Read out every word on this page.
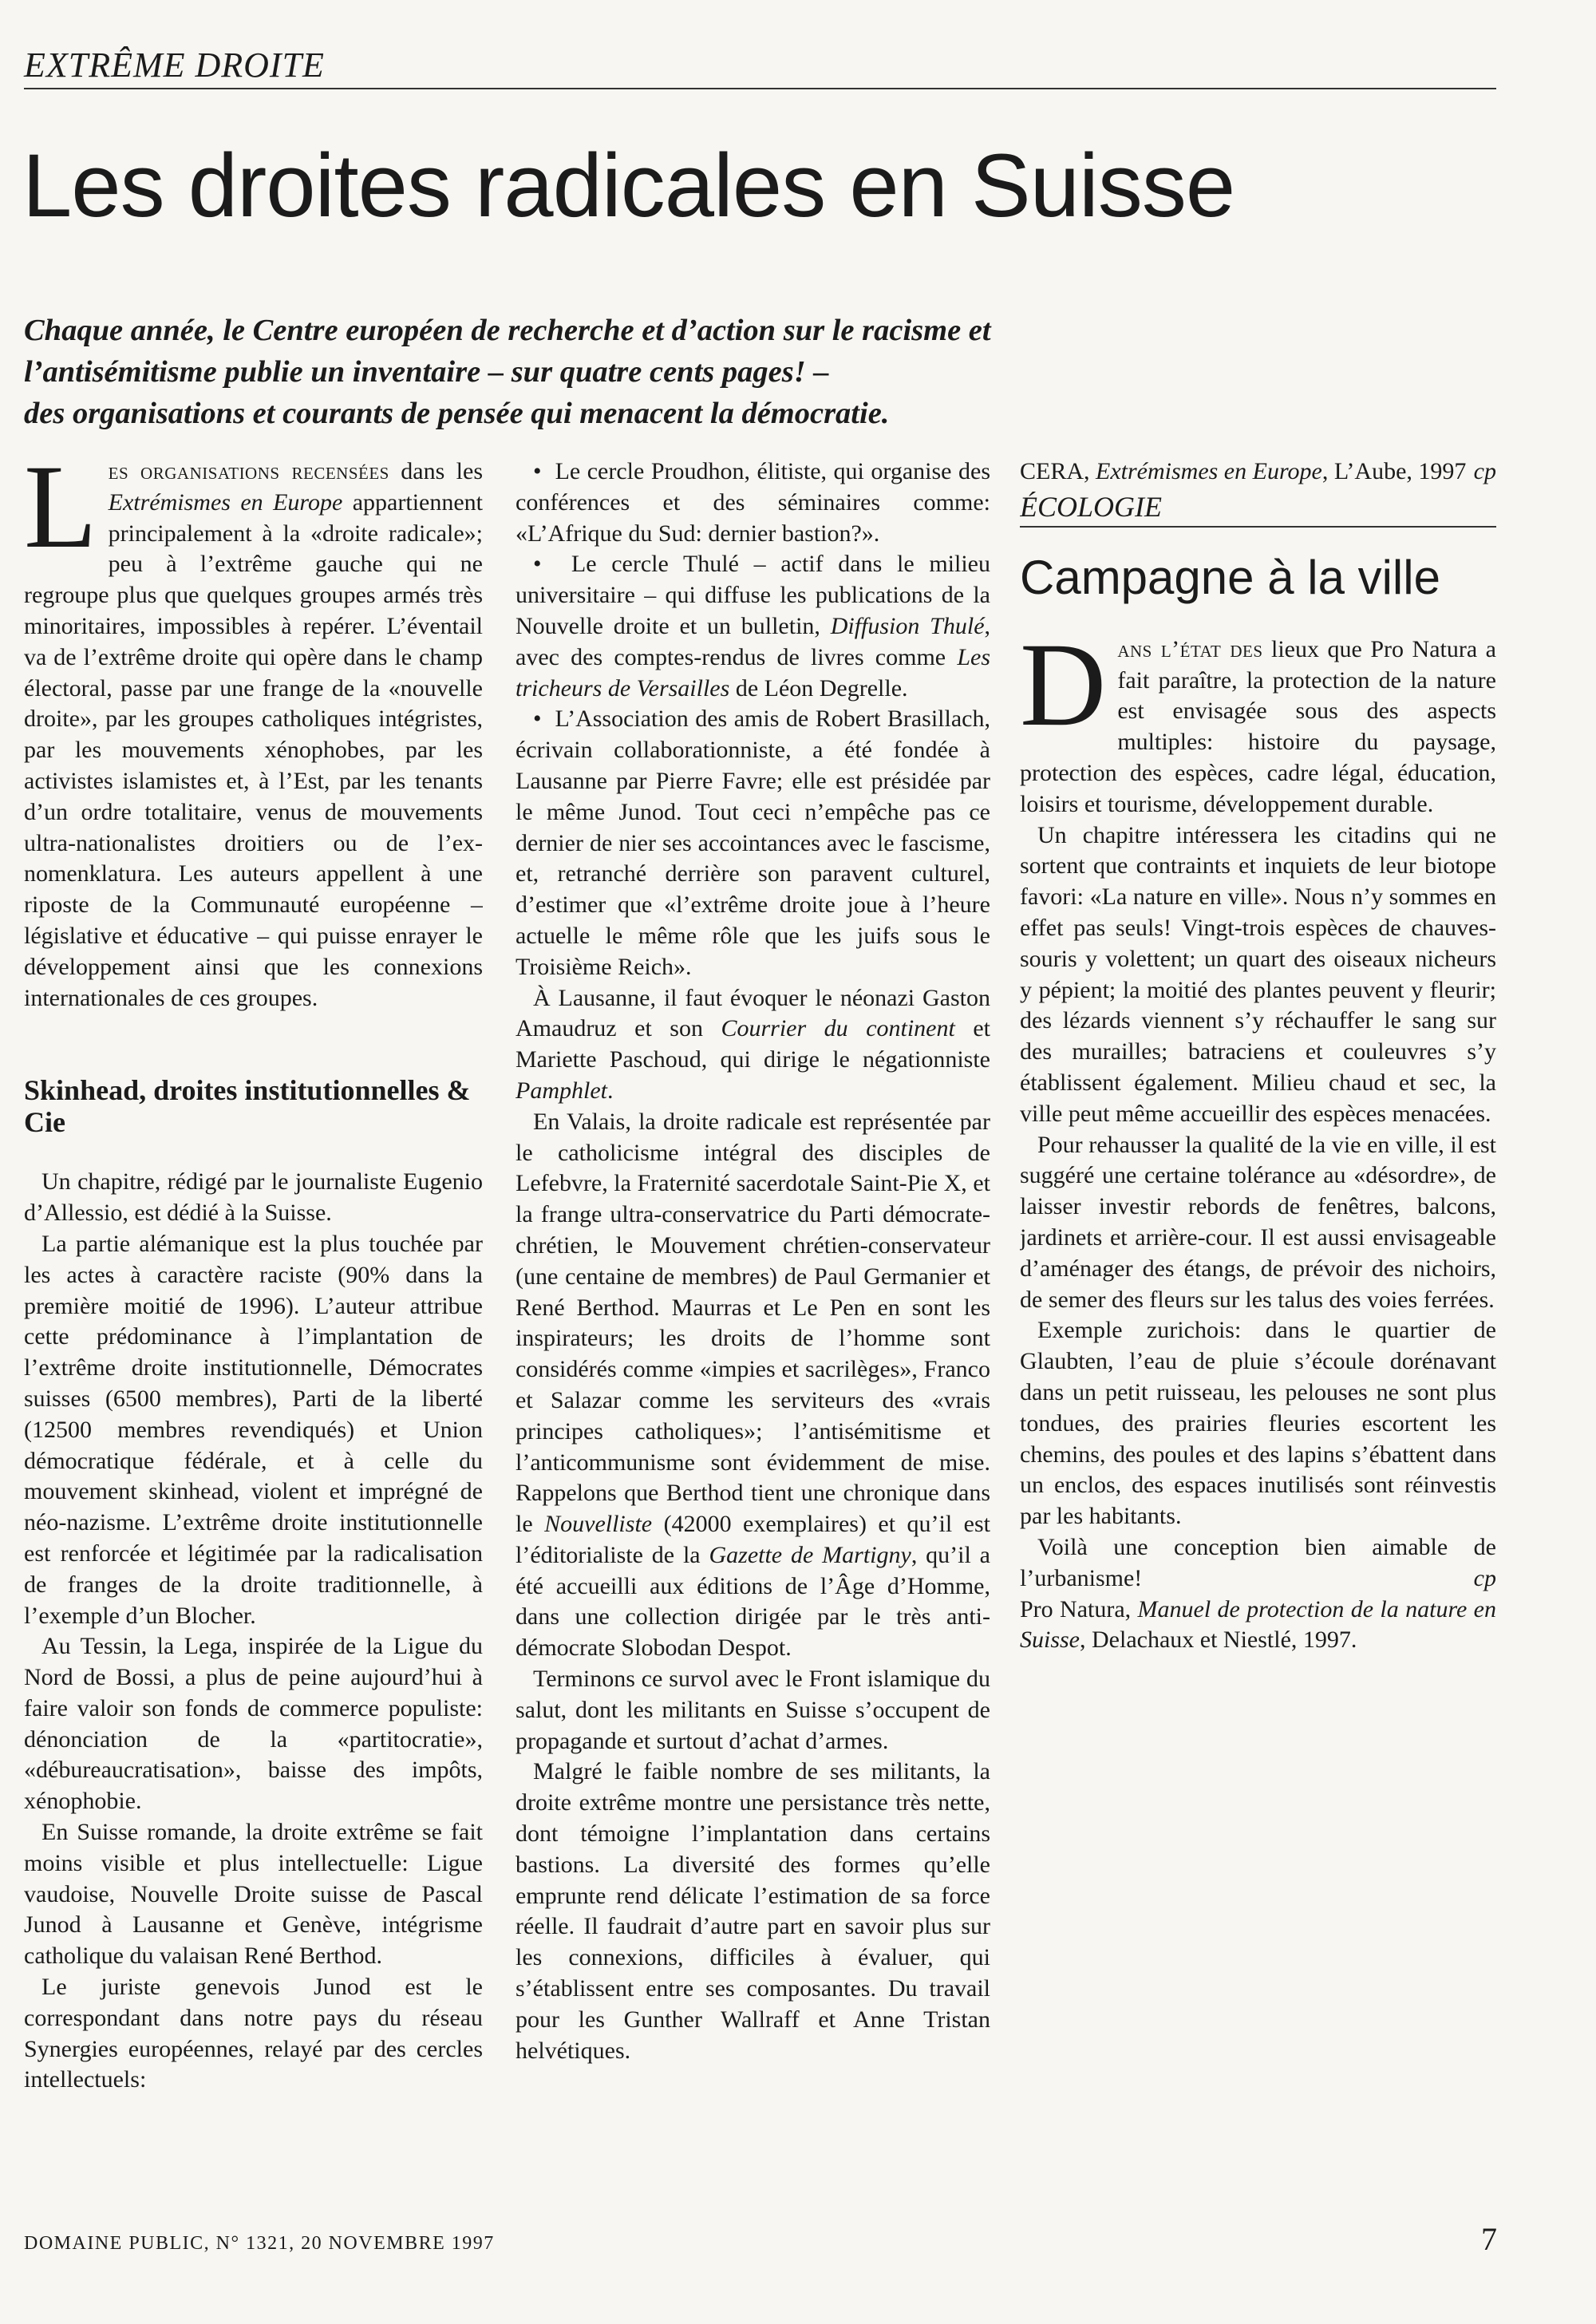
EXTRÊME DROITE
Les droites radicales en Suisse
Chaque année, le Centre européen de recherche et d’action sur le racisme et
l’antisémitisme publie un inventaire – sur quatre cents pages! –
des organisations et courants de pensée qui menacent la démocratie.

Les organisations recensées dans les Extrémismes en Europe appartiennent principalement à la «droite radicale»; peu à l’extrême gauche qui ne regroupe plus que quelques groupes armés très minoritaires, impossibles à repérer. L’éventail va de l’extrême droite qui opère dans le champ électoral, passe par une frange de la «nouvelle droite», par les groupes catholiques intégristes, par les mouvements xénophobes, par les activistes islamistes et, à l’Est, par les tenants d’un ordre totalitaire, venus de mouvements ultra-nationalistes droitiers ou de l’ex-nomenklatura. Les auteurs appellent à une riposte de la Communauté européenne – législative et éducative – qui puisse enrayer le développement ainsi que les connexions internationales de ces groupes.

Skinhead, droites institutionnelles & Cie

Un chapitre, rédigé par le journaliste Eugenio d’Allessio, est dédié à la Suisse.

La partie alémanique est la plus touchée par les actes à caractère raciste (90% dans la première moitié de 1996). L’auteur attribue cette prédominance à l’implantation de l’extrême droite institutionnelle, Démocrates suisses (6500 membres), Parti de la liberté (12500 membres revendiqués) et Union démocratique fédérale, et à celle du mouvement skinhead, violent et imprégné de néo-nazisme. L’extrême droite institutionnelle est renforcée et légitimée par la radicalisation de franges de la droite traditionnelle, à l’exemple d’un Blocher.

Au Tessin, la Lega, inspirée de la Ligue du Nord de Bossi, a plus de peine aujourd’hui à faire valoir son fonds de commerce populiste: dénonciation de la «partitocratie», «débureaucratisation», baisse des impôts, xénophobie.

En Suisse romande, la droite extrême se fait moins visible et plus intellectuelle: Ligue vaudoise, Nouvelle Droite suisse de Pascal Junod à Lausanne et Genève, intégrisme catholique du valaisan René Berthod.

Le juriste genevois Junod est le correspondant dans notre pays du réseau Synergies européennes, relayé par des cercles intellectuels:

•  Le cercle Proudhon, élitiste, qui organise des conférences et des séminaires comme: «L’Afrique du Sud: dernier bastion?».

•  Le cercle Thulé – actif dans le milieu universitaire – qui diffuse les publications de la Nouvelle droite et un bulletin, Diffusion Thulé, avec des comptes-rendus de livres comme Les tricheurs de Versailles de Léon Degrelle.

•  L’Association des amis de Robert Brasillach, écrivain collaborationniste, a été fondée à Lausanne par Pierre Favre; elle est présidée par le même Junod. Tout ceci n’empêche pas ce dernier de nier ses accointances avec le fascisme, et, retranché derrière son paravent culturel, d’estimer que «l’extrême droite joue à l’heure actuelle le même rôle que les juifs sous le Troisième Reich».

À Lausanne, il faut évoquer le néonazi Gaston Amaudruz et son Courrier du continent et Mariette Paschoud, qui dirige le négationniste Pamphlet.

En Valais, la droite radicale est représentée par le catholicisme intégral des disciples de Lefebvre, la Fraternité sacerdotale Saint-Pie X, et la frange ultra-conservatrice du Parti démocrate-chrétien, le Mouvement chrétien-conservateur (une centaine de membres) de Paul Germanier et René Berthod. Maurras et Le Pen en sont les inspirateurs; les droits de l’homme sont considérés comme «impies et sacrilèges», Franco et Salazar comme les serviteurs des «vrais principes catholiques»; l’antisémitisme et l’anticommunisme sont évidemment de mise. Rappelons que Berthod tient une chronique dans le Nouvelliste (42000 exemplaires) et qu’il est l’éditorialiste de la Gazette de Martigny, qu’il a été accueilli aux éditions de l’Âge d’Homme, dans une collection dirigée par le très anti-démocrate Slobodan Despot.

Terminons ce survol avec le Front islamique du salut, dont les militants en Suisse s’occupent de propagande et surtout d’achat d’armes.

Malgré le faible nombre de ses militants, la droite extrême montre une persistance très nette, dont témoigne l’implantation dans certains bastions. La diversité des formes qu’elle emprunte rend délicate l’estimation de sa force réelle. Il faudrait d’autre part en savoir plus sur les connexions, difficiles à évaluer, qui s’établissent entre ses composantes. Du travail pour les Gunther Wallraff et Anne Tristan helvétiques.

cp

CERA, Extrémismes en Europe, L’Aube, 1997

ÉCOLOGIE
Campagne à la ville

Dans l’état des lieux que Pro Natura a fait paraître, la protection de la nature est envisagée sous des aspects multiples: histoire du paysage, protection des espèces, cadre légal, éducation, loisirs et tourisme, développement durable.

Un chapitre intéressera les citadins qui ne sortent que contraints et inquiets de leur biotope favori: «La nature en ville». Nous n’y sommes en effet pas seuls! Vingt-trois espèces de chauves-souris y volettent; un quart des oiseaux nicheurs y pépient; la moitié des plantes peuvent y fleurir; des lézards viennent s’y réchauffer le sang sur des murailles; batraciens et couleuvres s’y établissent également. Milieu chaud et sec, la ville peut même accueillir des espèces menacées.

Pour rehausser la qualité de la vie en ville, il est suggéré une certaine tolérance au «désordre», de laisser investir rebords de fenêtres, balcons, jardinets et arrière-cour. Il est aussi envisageable d’aménager des étangs, de prévoir des nichoirs, de semer des fleurs sur les talus des voies ferrées.

Exemple zurichois: dans le quartier de Glaubten, l’eau de pluie s’écoule dorénavant dans un petit ruisseau, les pelouses ne sont plus tondues, des prairies fleuries escortent les chemins, des poules et des lapins s’ébattent dans un enclos, des espaces inutilisés sont réinvestis par les habitants.

Voilà une conception bien aimable de l’urbanisme!	cp

Pro Natura, Manuel de protection de la nature en Suisse, Delachaux et Niestlé, 1997.

DOMAINE PUBLIC, N° 1321, 20 NOVEMBRE 1997	7
